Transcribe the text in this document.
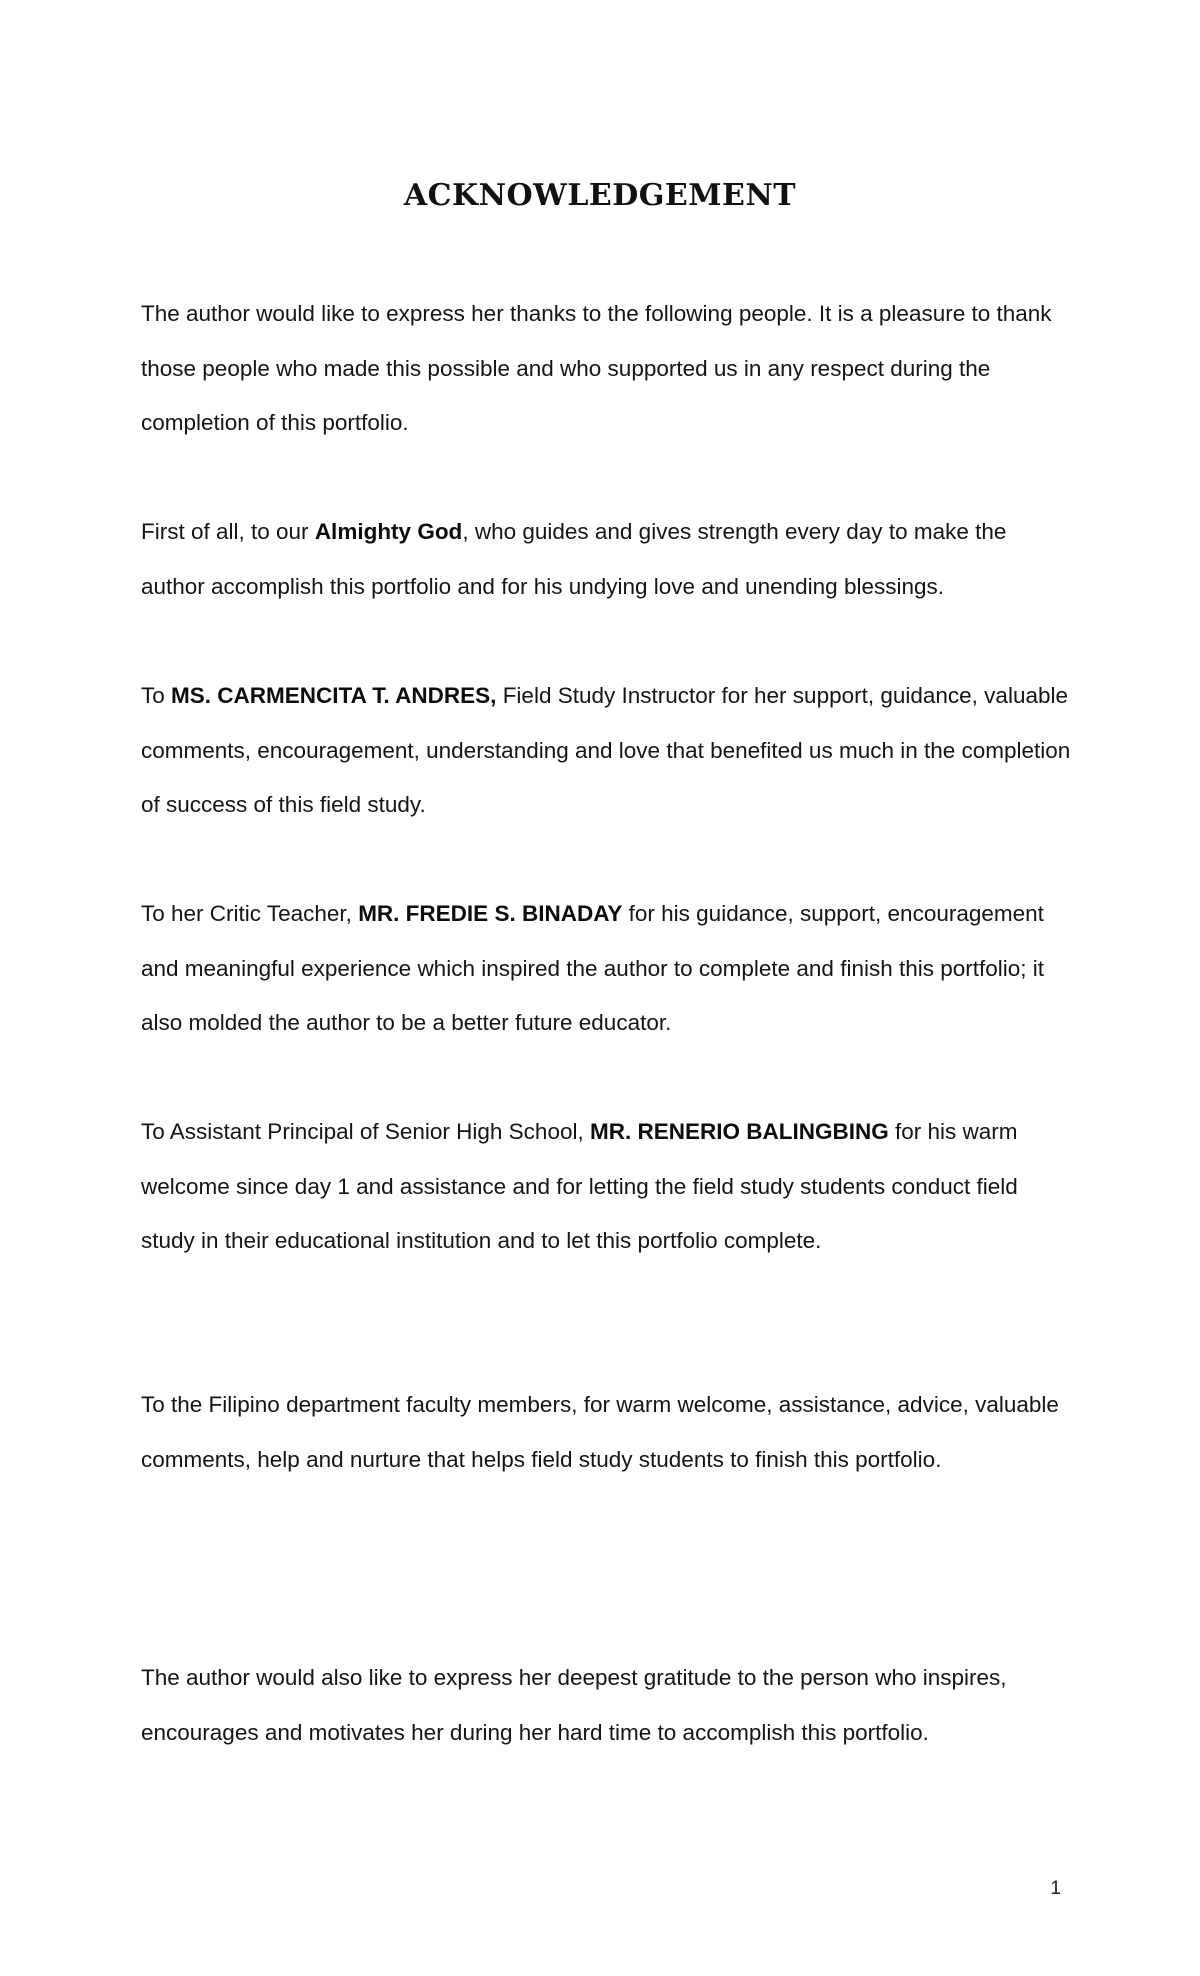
ACKNOWLEDGEMENT

The author would like to express her thanks to the following people. It is a pleasure to thank those people who made this possible and who supported us in any respect during the completion of this portfolio.

First of all, to our Almighty God, who guides and gives strength every day to make the author accomplish this portfolio and for his undying love and unending blessings.

To MS. CARMENCITA T. ANDRES, Field Study Instructor for her support, guidance, valuable comments, encouragement, understanding and love that benefited us much in the completion of success of this field study.

To her Critic Teacher, MR. FREDIE S. BINADAY for his guidance, support, encouragement and meaningful experience which inspired the author to complete and finish this portfolio; it also molded the author to be a better future educator.

To Assistant Principal of Senior High School, MR. RENERIO BALINGBING for his warm welcome since day 1 and assistance and for letting the field study students conduct field study in their educational institution and to let this portfolio complete.

To the Filipino department faculty members, for warm welcome, assistance, advice, valuable comments, help and nurture that helps field study students to finish this portfolio.

The author would also like to express her deepest gratitude to the person who inspires, encourages and motivates her during her hard time to accomplish this portfolio.

1
